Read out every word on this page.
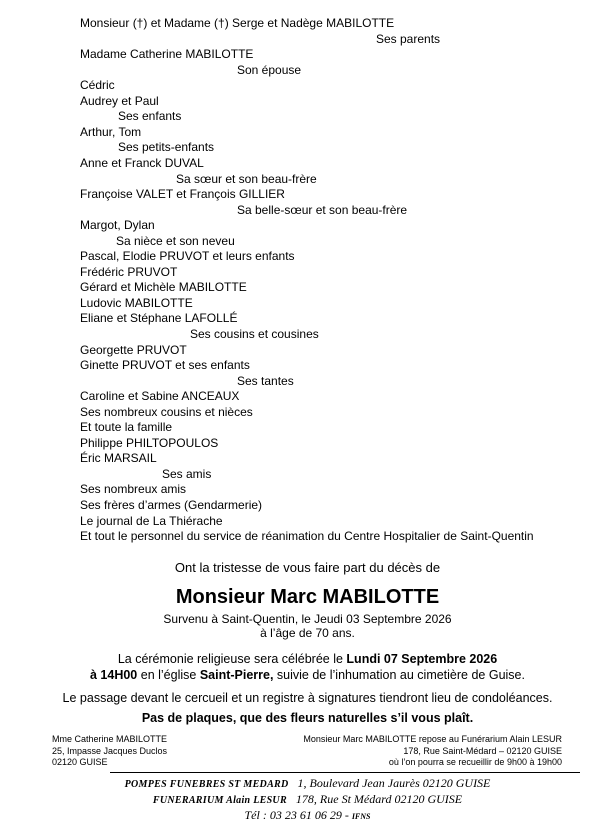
Monsieur (†) et Madame (†) Serge et Nadège MABILOTTE
Ses parents
Madame Catherine MABILOTTE
Son épouse
Cédric
Audrey et Paul
Ses enfants
Arthur, Tom
Ses petits-enfants
Anne et Franck DUVAL
Sa sœur et son beau-frère
Françoise VALET et François GILLIER
Sa belle-sœur et son beau-frère
Margot, Dylan
Sa nièce et son neveu
Pascal, Elodie PRUVOT et leurs enfants
Frédéric PRUVOT
Gérard et Michèle MABILOTTE
Ludovic MABILOTTE
Eliane et Stéphane LAFOLLÉ
Ses cousins et cousines
Georgette PRUVOT
Ginette PRUVOT et ses enfants
Ses tantes
Caroline et Sabine ANCEAUX
Ses nombreux cousins et nièces
Et toute la famille
Philippe PHILTOPOULOS
Éric MARSAIL
Ses amis
Ses nombreux amis
Ses frères d’armes (Gendarmerie)
Le journal de La Thiérache
Et tout le personnel du service de réanimation du Centre Hospitalier de Saint-Quentin
Ont la tristesse de vous faire part du décès de
Monsieur Marc MABILOTTE
Survenu à Saint-Quentin, le Jeudi 03 Septembre 2026
à l’âge de 70 ans.
La cérémonie religieuse sera célébrée le Lundi 07 Septembre 2026
à 14H00 en l’église Saint-Pierre, suivie de l’inhumation au cimetière de Guise.
Le passage devant le cercueil et un registre à signatures tiendront lieu de condoléances.
Pas de plaques, que des fleurs naturelles s’il vous plaît.
Mme Catherine MABILOTTE
25, Impasse Jacques Duclos
02120 GUISE
Monsieur Marc MABILOTTE repose au Funérarium Alain LESUR
178, Rue Saint-Médard – 02120 GUISE
où l’on pourra se recueillir de 9h00 à 19h00
POMPES FUNEBRES ST MEDARD 1, Boulevard Jean Jaurès 02120 GUISE
FUNERARIUM Alain LESUR 178, Rue St Médard 02120 GUISE
Tél : 03 23 61 06 29 - IFNS
